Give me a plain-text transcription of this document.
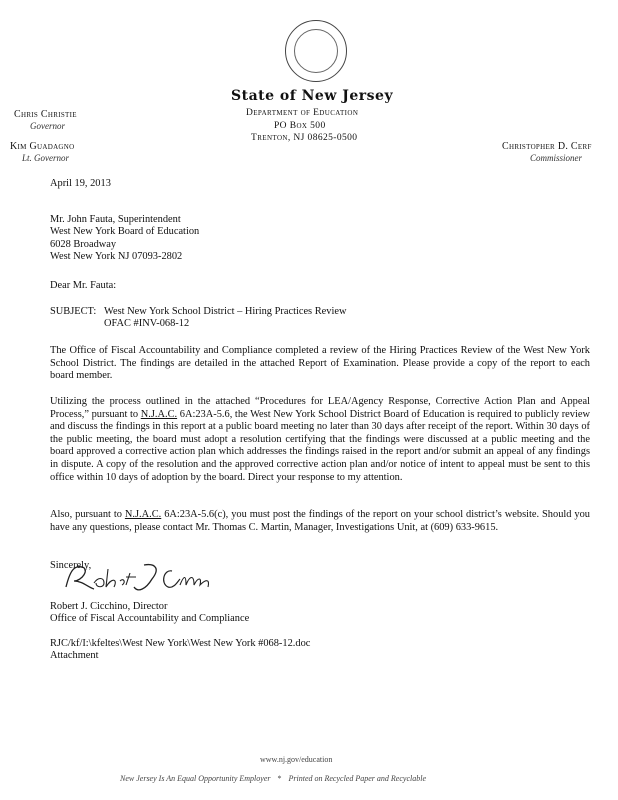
State of New Jersey
Department of Education
PO Box 500
Trenton, NJ 08625-0500
Chris Christie
Governor
Kim Guadagno
Lt. Governor
Christopher D. Cerf
Commissioner
April 19, 2013
Mr. John Fauta, Superintendent
West New York Board of Education
6028 Broadway
West New York NJ 07093-2802
Dear Mr. Fauta:
SUBJECT: West New York School District – Hiring Practices Review
OFAC #INV-068-12
The Office of Fiscal Accountability and Compliance completed a review of the Hiring Practices Review of the West New York School District. The findings are detailed in the attached Report of Examination. Please provide a copy of the report to each board member.
Utilizing the process outlined in the attached “Procedures for LEA/Agency Response, Corrective Action Plan and Appeal Process,” pursuant to N.J.A.C. 6A:23A-5.6, the West New York School District Board of Education is required to publicly review and discuss the findings in this report at a public board meeting no later than 30 days after receipt of the report. Within 30 days of the public meeting, the board must adopt a resolution certifying that the findings were discussed at a public meeting and the board approved a corrective action plan which addresses the findings raised in the report and/or submit an appeal of any findings in dispute. A copy of the resolution and the approved corrective action plan and/or notice of intent to appeal must be sent to this office within 10 days of adoption by the board. Direct your response to my attention.
Also, pursuant to N.J.A.C. 6A:23A-5.6(c), you must post the findings of the report on your school district’s website. Should you have any questions, please contact Mr. Thomas C. Martin, Manager, Investigations Unit, at (609) 633-9615.
Sincerely,
Robert J. Cicchino, Director
Office of Fiscal Accountability and Compliance
RJC/kf/I:\kfeltes\West New York\West New York #068-12.doc
Attachment
www.nj.gov/education
New Jersey Is An Equal Opportunity Employer * Printed on Recycled Paper and Recyclable
